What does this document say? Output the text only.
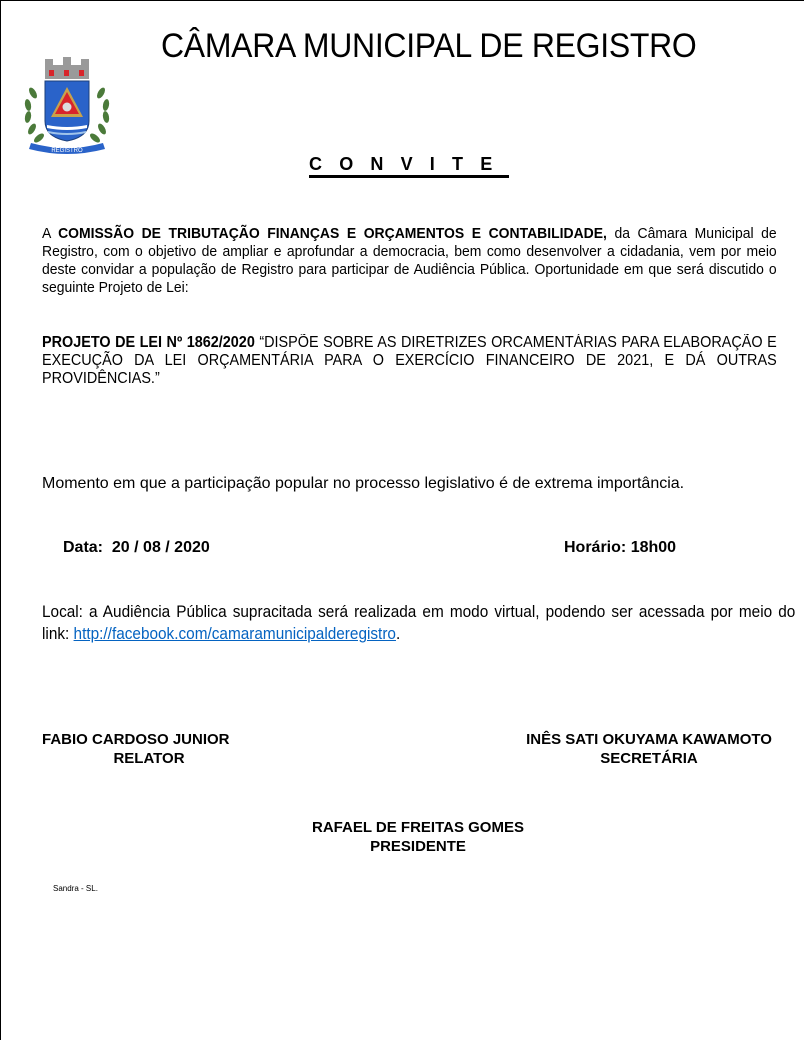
REGISTRO
CÂMARA MUNICIPAL DE REGISTRO
CONVITE
A COMISSÃO DE TRIBUTAÇÃO FINANÇAS E ORÇAMENTOS E CONTABILIDADE, da Câmara Municipal de Registro, com o objetivo de ampliar e aprofundar a democracia, bem como desenvolver a cidadania, vem por meio deste convidar a população de Registro para participar de Audiência Pública. Oportunidade em que será discutido o seguinte Projeto de Lei:
PROJETO DE LEI Nº 1862/2020 “DISPÕE SOBRE AS DIRETRIZES ORCAMENTÁRIAS PARA ELABORAÇÃO E EXECUÇÃO DA LEI ORÇAMENTÁRIA PARA O EXERCÍCIO FINANCEIRO DE 2021, E DÁ OUTRAS PROVIDÊNCIAS.”
Momento em que a participação popular no processo legislativo é de extrema importância.
Data: 20 / 08 / 2020	Horário: 18h00
Local: a Audiência Pública supracitada será realizada em modo virtual, podendo ser acessada por meio do link: http://facebook.com/camaramunicipalderegistro.
FABIO CARDOSO JUNIOR
RELATOR
INÊS SATI OKUYAMA KAWAMOTO
SECRETÁRIA
RAFAEL DE FREITAS GOMES
PRESIDENTE
Sandra - SL.
